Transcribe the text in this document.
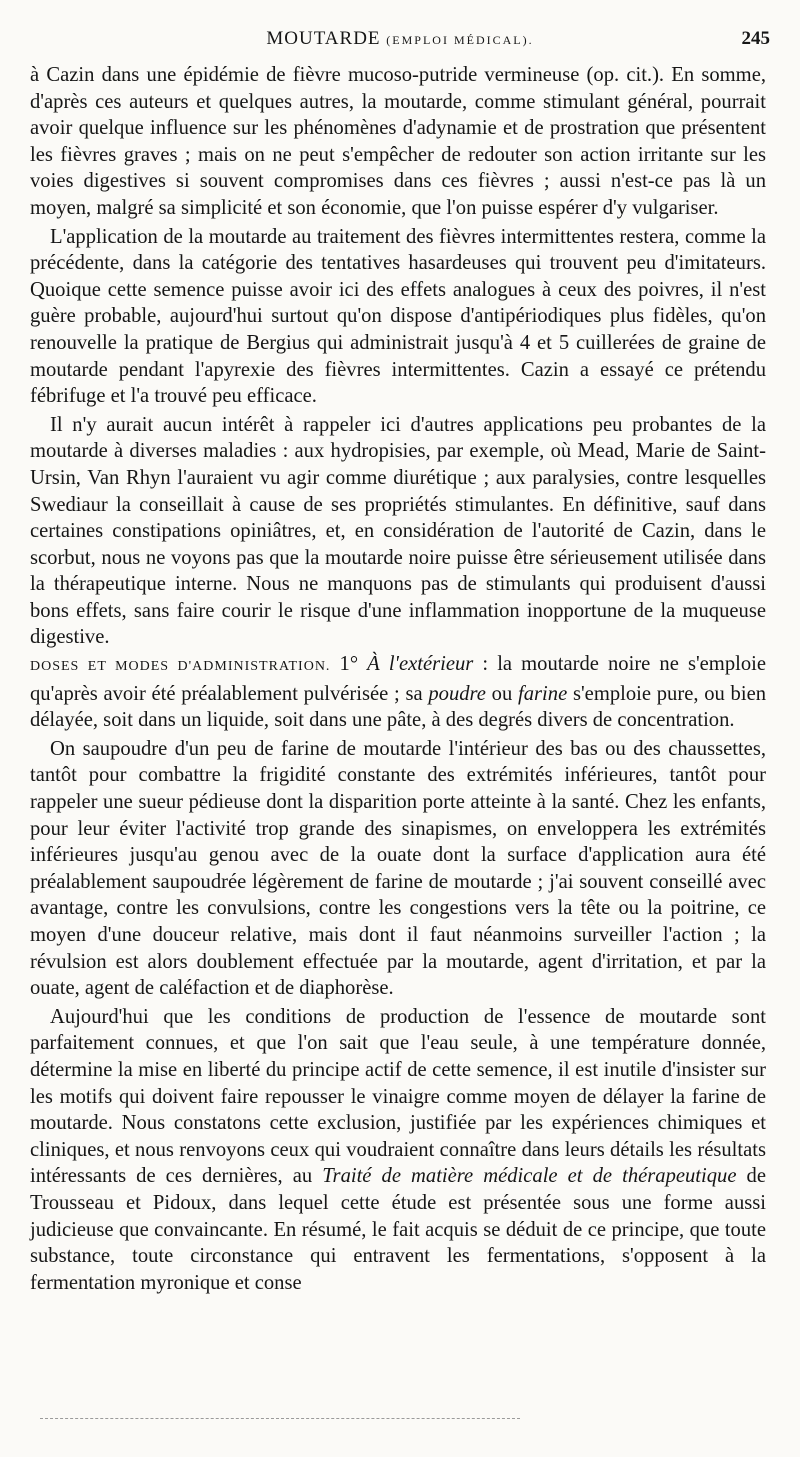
MOUTARDE (EMPLOI MÉDICAL).	245

à Cazin dans une épidémie de fièvre mucoso-putride vermineuse (op. cit.). En somme, d'après ces auteurs et quelques autres, la moutarde, comme stimulant général, pourrait avoir quelque influence sur les phénomènes d'adynamie et de prostration que présentent les fièvres graves ; mais on ne peut s'empêcher de redouter son action irritante sur les voies digestives si souvent compromises dans ces fièvres ; aussi n'est-ce pas là un moyen, malgré sa simplicité et son économie, que l'on puisse espérer d'y vulgariser.

L'application de la moutarde au traitement des fièvres intermittentes restera, comme la précédente, dans la catégorie des tentatives hasardeuses qui trouvent peu d'imitateurs. Quoique cette semence puisse avoir ici des effets analogues à ceux des poivres, il n'est guère probable, aujourd'hui surtout qu'on dispose d'antipériodiques plus fidèles, qu'on renouvelle la pratique de Bergius qui administrait jusqu'à 4 et 5 cuillerées de graine de moutarde pendant l'apyrexie des fièvres intermittentes. Cazin a essayé ce prétendu fébrifuge et l'a trouvé peu efficace.

Il n'y aurait aucun intérêt à rappeler ici d'autres applications peu probantes de la moutarde à diverses maladies : aux hydropisies, par exemple, où Mead, Marie de Saint-Ursin, Van Rhyn l'auraient vu agir comme diurétique ; aux paralysies, contre lesquelles Swediaur la conseillait à cause de ses propriétés stimulantes. En définitive, sauf dans certaines constipations opiniâtres, et, en considération de l'autorité de Cazin, dans le scorbut, nous ne voyons pas que la moutarde noire puisse être sérieusement utilisée dans la thérapeutique interne. Nous ne manquons pas de stimulants qui produisent d'aussi bons effets, sans faire courir le risque d'une inflammation inopportune de la muqueuse digestive.

DOSES ET MODES D'ADMINISTRATION. 1° À l'extérieur : la moutarde noire ne s'emploie qu'après avoir été préalablement pulvérisée ; sa poudre ou farine s'emploie pure, ou bien délayée, soit dans un liquide, soit dans une pâte, à des degrés divers de concentration.

On saupoudre d'un peu de farine de moutarde l'intérieur des bas ou des chaussettes, tantôt pour combattre la frigidité constante des extrémités inférieures, tantôt pour rappeler une sueur pédieuse dont la disparition porte atteinte à la santé. Chez les enfants, pour leur éviter l'activité trop grande des sinapismes, on enveloppera les extrémités inférieures jusqu'au genou avec de la ouate dont la surface d'application aura été préalablement saupoudrée légèrement de farine de moutarde ; j'ai souvent conseillé avec avantage, contre les convulsions, contre les congestions vers la tête ou la poitrine, ce moyen d'une douceur relative, mais dont il faut néanmoins surveiller l'action ; la révulsion est alors doublement effectuée par la moutarde, agent d'irritation, et par la ouate, agent de caléfaction et de diaphorèse.

Aujourd'hui que les conditions de production de l'essence de moutarde sont parfaitement connues, et que l'on sait que l'eau seule, à une température donnée, détermine la mise en liberté du principe actif de cette semence, il est inutile d'insister sur les motifs qui doivent faire repousser le vinaigre comme moyen de délayer la farine de moutarde. Nous constatons cette exclusion, justifiée par les expériences chimiques et cliniques, et nous renvoyons ceux qui voudraient connaître dans leurs détails les résultats intéressants de ces dernières, au Traité de matière médicale et de thérapeutique de Trousseau et Pidoux, dans lequel cette étude est présentée sous une forme aussi judicieuse que convaincante. En résumé, le fait acquis se déduit de ce principe, que toute substance, toute circonstance qui entravent les fermentations, s'opposent à la fermentation myronique et conse
